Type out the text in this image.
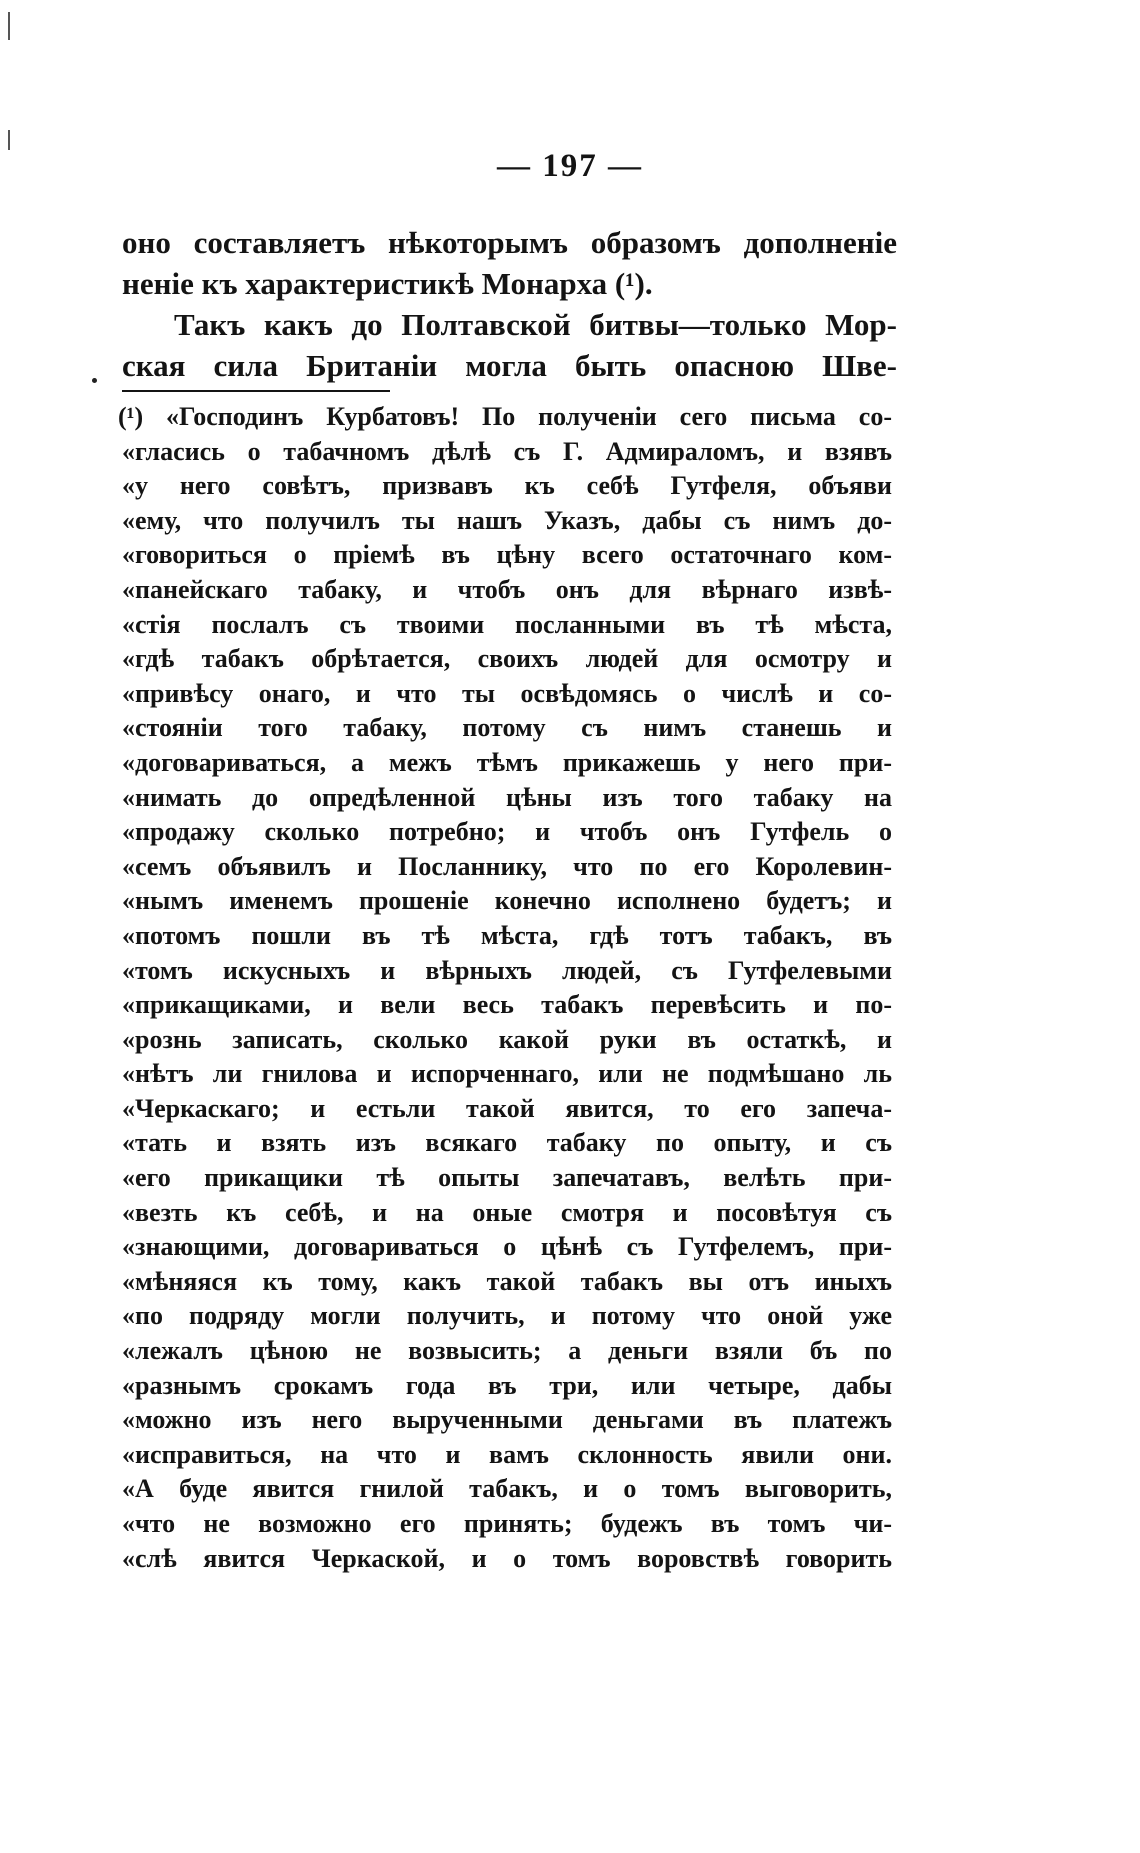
— 197 —
оно составляетъ нѣкоторымъ образомъ дополненіе
неніе къ характеристикѣ Монарха (¹).
Такъ какъ до Полтавской битвы—только Мор-
ская сила Британіи могла быть опасною Шве-
(¹) «Господинъ Курбатовъ! По полученіи сего письма со-
«гласись о табачномъ дѣлѣ съ Г. Адмираломъ, и взявъ
«у него совѣтъ, призвавъ къ себѣ Гутфеля, объяви
«ему, что получилъ ты нашъ Указъ, дабы съ нимъ до-
«говориться о пріемѣ въ цѣну всего остаточнаго ком-
«панейскаго табаку, и чтобъ онъ для вѣрнаго извѣ-
«стія послалъ съ твоими посланными въ тѣ мѣста,
«гдѣ табакъ обрѣтается, своихъ людей для осмотру и
«привѣсу онаго, и что ты освѣдомясь о числѣ и со-
«стояніи того табаку, потому съ нимъ станешь и
«договариваться, а межъ тѣмъ прикажешь у него при-
«нимать до опредѣленной цѣны изъ того табаку на
«продажу сколько потребно; и чтобъ онъ Гутфель о
«семъ объявилъ и Посланнику, что по его Королевин-
«нымъ именемъ прошеніе конечно исполнено будетъ; и
«потомъ пошли въ тѣ мѣста, гдѣ тотъ табакъ, въ
«томъ искусныхъ и вѣрныхъ людей, съ Гутфелевыми
«прикащиками, и вели весь табакъ перевѣсить и по-
«рознь записать, сколько какой руки въ остаткѣ, и
«нѣтъ ли гнилова и испорченнаго, или не подмѣшано ль
«Черкаскаго; и естьли такой явится, то его запеча-
«тать и взять изъ всякаго табаку по опыту, и съ
«его прикащики тѣ опыты запечатавъ, велѣть при-
«везть къ себѣ, и на оные смотря и посовѣтуя съ
«знающими, договариваться о цѣнѣ съ Гутфелемъ, при-
«мѣняяся къ тому, какъ такой табакъ вы отъ иныхъ
«по подряду могли получить, и потому что оной уже
«лежалъ цѣною не возвысить; а деньги взяли бъ по
«разнымъ срокамъ года въ три, или четыре, дабы
«можно изъ него вырученными деньгами въ платежъ
«исправиться, на что и вамъ склонность явили они.
«А буде явится гнилой табакъ, и о томъ выговорить,
«что не возможно его принять; будежъ въ томъ чи-
«слѣ явится Черкаской, и о томъ воровствѣ говорить
